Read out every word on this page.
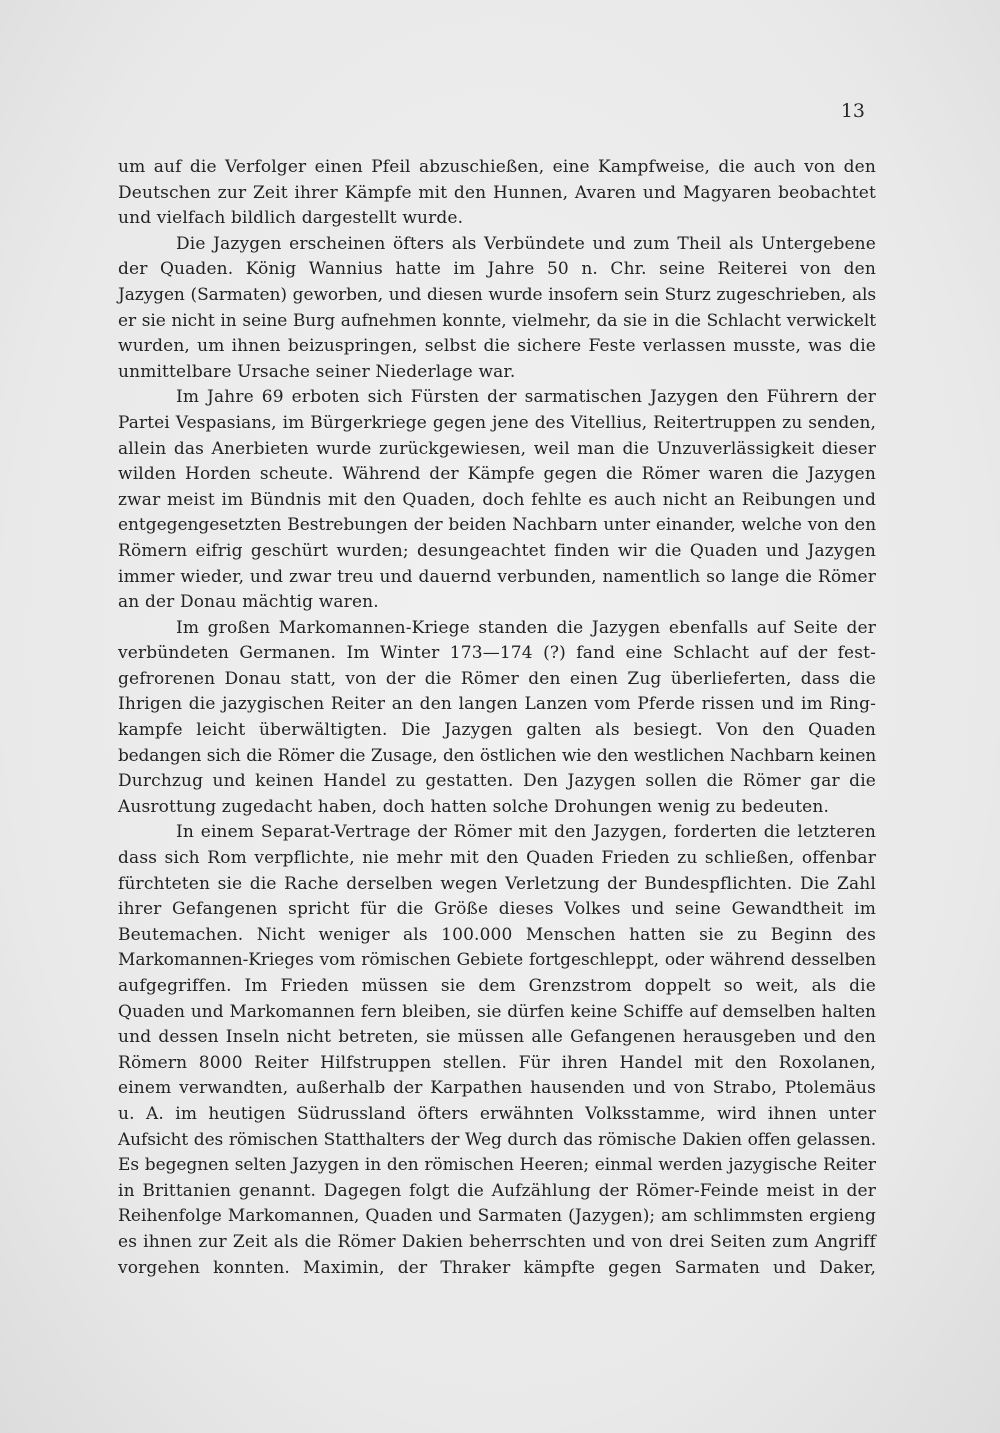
13
um auf die Verfolger einen Pfeil abzuschießen, eine Kampfweise, die auch von den
Deutschen zur Zeit ihrer Kämpfe mit den Hunnen, Avaren und Magyaren beobachtet
und vielfach bildlich dargestellt wurde.
Die Jazygen erscheinen öfters als Verbündete und zum Theil als Untergebene
der Quaden. König Wannius hatte im Jahre 50 n. Chr. seine Reiterei von den
Jazygen (Sarmaten) geworben, und diesen wurde insofern sein Sturz zugeschrieben, als
er sie nicht in seine Burg aufnehmen konnte, vielmehr, da sie in die Schlacht verwickelt
wurden, um ihnen beizuspringen, selbst die sichere Feste verlassen musste, was die
unmittelbare Ursache seiner Niederlage war.
Im Jahre 69 erboten sich Fürsten der sarmatischen Jazygen den Führern der
Partei Vespasians, im Bürgerkriege gegen jene des Vitellius, Reitertruppen zu senden,
allein das Anerbieten wurde zurückgewiesen, weil man die Unzuverlässigkeit dieser
wilden Horden scheute. Während der Kämpfe gegen die Römer waren die Jazygen
zwar meist im Bündnis mit den Quaden, doch fehlte es auch nicht an Reibungen und
entgegengesetzten Bestrebungen der beiden Nachbarn unter einander, welche von den
Römern eifrig geschürt wurden; desungeachtet finden wir die Quaden und Jazygen
immer wieder, und zwar treu und dauernd verbunden, namentlich so lange die Römer
an der Donau mächtig waren.
Im großen Markomannen-Kriege standen die Jazygen ebenfalls auf Seite der
verbündeten Germanen. Im Winter 173—174 (?) fand eine Schlacht auf der fest-
gefrorenen Donau statt, von der die Römer den einen Zug überlieferten, dass die
Ihrigen die jazygischen Reiter an den langen Lanzen vom Pferde rissen und im Ring-
kampfe leicht überwältigten. Die Jazygen galten als besiegt. Von den Quaden
bedangen sich die Römer die Zusage, den östlichen wie den westlichen Nachbarn keinen
Durchzug und keinen Handel zu gestatten. Den Jazygen sollen die Römer gar die
Ausrottung zugedacht haben, doch hatten solche Drohungen wenig zu bedeuten.
In einem Separat-Vertrage der Römer mit den Jazygen, forderten die letzteren
dass sich Rom verpflichte, nie mehr mit den Quaden Frieden zu schließen, offenbar
fürchteten sie die Rache derselben wegen Verletzung der Bundespflichten. Die Zahl
ihrer Gefangenen spricht für die Größe dieses Volkes und seine Gewandtheit im
Beutemachen. Nicht weniger als 100.000 Menschen hatten sie zu Beginn des
Markomannen-Krieges vom römischen Gebiete fortgeschleppt, oder während desselben
aufgegriffen. Im Frieden müssen sie dem Grenzstrom doppelt so weit, als die
Quaden und Markomannen fern bleiben, sie dürfen keine Schiffe auf demselben halten
und dessen Inseln nicht betreten, sie müssen alle Gefangenen herausgeben und den
Römern 8000 Reiter Hilfstruppen stellen. Für ihren Handel mit den Roxolanen,
einem verwandten, außerhalb der Karpathen hausenden und von Strabo, Ptolemäus
u. A. im heutigen Südrussland öfters erwähnten Volksstamme, wird ihnen unter
Aufsicht des römischen Statthalters der Weg durch das römische Dakien offen gelassen.
Es begegnen selten Jazygen in den römischen Heeren; einmal werden jazygische Reiter
in Brittanien genannt. Dagegen folgt die Aufzählung der Römer-Feinde meist in der
Reihenfolge Markomannen, Quaden und Sarmaten (Jazygen); am schlimmsten ergieng
es ihnen zur Zeit als die Römer Dakien beherrschten und von drei Seiten zum Angriff
vorgehen konnten. Maximin, der Thraker kämpfte gegen Sarmaten und Daker,
